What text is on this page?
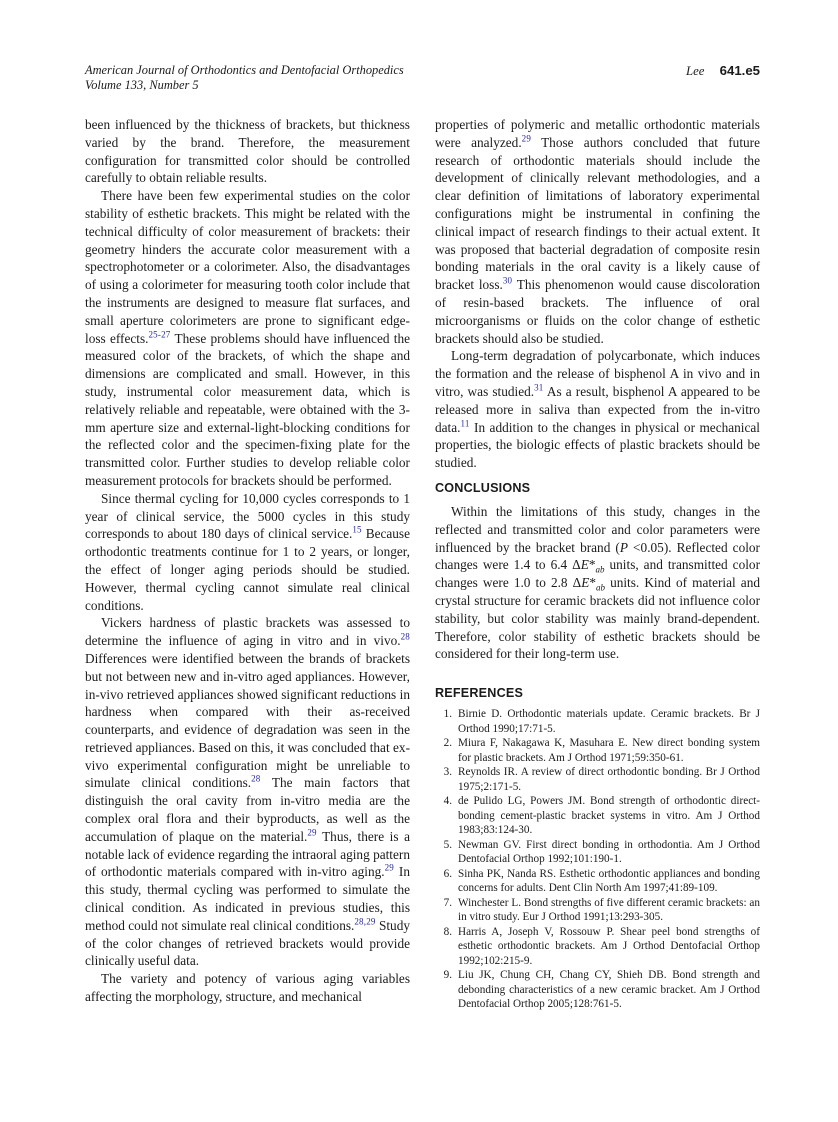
American Journal of Orthodontics and Dentofacial Orthopedics
Volume 133, Number 5
Lee 641.e5

been influenced by the thickness of brackets, but thickness varied by the brand. Therefore, the measurement configuration for transmitted color should be controlled carefully to obtain reliable results.

There have been few experimental studies on the color stability of esthetic brackets. This might be related with the technical difficulty of color measurement of brackets: their geometry hinders the accurate color measurement with a spectrophotometer or a colorimeter. Also, the disadvantages of using a colorimeter for measuring tooth color include that the instruments are designed to measure flat surfaces, and small aperture colorimeters are prone to significant edge-loss effects.$^{25-27}$ These problems should have influenced the measured color of the brackets, of which the shape and dimensions are complicated and small. However, in this study, instrumental color measurement data, which is relatively reliable and repeatable, were obtained with the 3-mm aperture size and external-light-blocking conditions for the reflected color and the specimen-fixing plate for the transmitted color. Further studies to develop reliable color measurement protocols for brackets should be performed.

Since thermal cycling for 10,000 cycles corresponds to 1 year of clinical service, the 5000 cycles in this study corresponds to about 180 days of clinical service.$^{15}$ Because orthodontic treatments continue for 1 to 2 years, or longer, the effect of longer aging periods should be studied. However, thermal cycling cannot simulate real clinical conditions.

Vickers hardness of plastic brackets was assessed to determine the influence of aging in vitro and in vivo.$^{28}$ Differences were identified between the brands of brackets but not between new and in-vitro aged appliances. However, in-vivo retrieved appliances showed significant reductions in hardness when compared with their as-received counterparts, and evidence of degradation was seen in the retrieved appliances. Based on this, it was concluded that ex-vivo experimental configuration might be unreliable to simulate clinical conditions.$^{28}$ The main factors that distinguish the oral cavity from in-vitro media are the complex oral flora and their byproducts, as well as the accumulation of plaque on the material.$^{29}$ Thus, there is a notable lack of evidence regarding the intraoral aging pattern of orthodontic materials compared with in-vitro aging.$^{29}$ In this study, thermal cycling was performed to simulate the clinical condition. As indicated in previous studies, this method could not simulate real clinical conditions.$^{28,29}$ Study of the color changes of retrieved brackets would provide clinically useful data.

The variety and potency of various aging variables affecting the morphology, structure, and mechanical

properties of polymeric and metallic orthodontic materials were analyzed.$^{29}$ Those authors concluded that future research of orthodontic materials should include the development of clinically relevant methodologies, and a clear definition of limitations of laboratory experimental configurations might be instrumental in confining the clinical impact of research findings to their actual extent. It was proposed that bacterial degradation of composite resin bonding materials in the oral cavity is a likely cause of bracket loss.$^{30}$ This phenomenon would cause discoloration of resin-based brackets. The influence of oral microorganisms or fluids on the color change of esthetic brackets should also be studied.

Long-term degradation of polycarbonate, which induces the formation and the release of bisphenol A in vivo and in vitro, was studied.$^{31}$ As a result, bisphenol A appeared to be released more in saliva than expected from the in-vitro data.$^{11}$ In addition to the changes in physical or mechanical properties, the biologic effects of plastic brackets should be studied.

CONCLUSIONS

Within the limitations of this study, changes in the reflected and transmitted color and color parameters were influenced by the bracket brand (P <0.05). Reflected color changes were 1.4 to 6.4 $\Delta E*_{ab}$ units, and transmitted color changes were 1.0 to 2.8 $\Delta E*_{ab}$ units. Kind of material and crystal structure for ceramic brackets did not influence color stability, but color stability was mainly brand-dependent. Therefore, color stability of esthetic brackets should be considered for their long-term use.

REFERENCES
1. Birnie D. Orthodontic materials update. Ceramic brackets. Br J Orthod 1990;17:71-5.
2. Miura F, Nakagawa K, Masuhara E. New direct bonding system for plastic brackets. Am J Orthod 1971;59:350-61.
3. Reynolds IR. A review of direct orthodontic bonding. Br J Orthod 1975;2:171-5.
4. de Pulido LG, Powers JM. Bond strength of orthodontic direct-bonding cement-plastic bracket systems in vitro. Am J Orthod 1983;83:124-30.
5. Newman GV. First direct bonding in orthodontia. Am J Orthod Dentofacial Orthop 1992;101:190-1.
6. Sinha PK, Nanda RS. Esthetic orthodontic appliances and bonding concerns for adults. Dent Clin North Am 1997;41:89-109.
7. Winchester L. Bond strengths of five different ceramic brackets: an in vitro study. Eur J Orthod 1991;13:293-305.
8. Harris A, Joseph V, Rossouw P. Shear peel bond strengths of esthetic orthodontic brackets. Am J Orthod Dentofacial Orthop 1992;102:215-9.
9. Liu JK, Chung CH, Chang CY, Shieh DB. Bond strength and debonding characteristics of a new ceramic bracket. Am J Orthod Dentofacial Orthop 2005;128:761-5.
